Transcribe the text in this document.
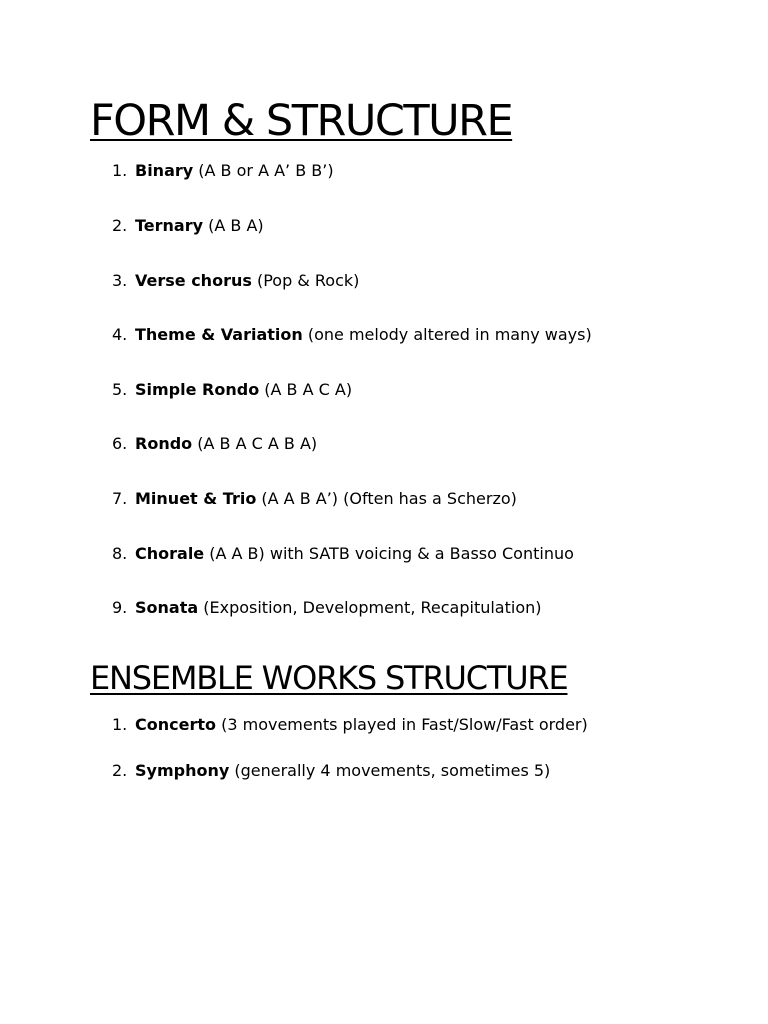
FORM & STRUCTURE
1. Binary (A B or A A’ B B’)
2. Ternary (A B A)
3. Verse chorus (Pop & Rock)
4. Theme & Variation (one melody altered in many ways)
5. Simple Rondo (A B A C A)
6. Rondo (A B A C A B A)
7. Minuet & Trio (A A B A’) (Often has a Scherzo)
8. Chorale (A A B) with SATB voicing & a Basso Continuo
9. Sonata (Exposition, Development, Recapitulation)
ENSEMBLE WORKS STRUCTURE
1. Concerto (3 movements played in Fast/Slow/Fast order)
2. Symphony (generally 4 movements, sometimes 5)
